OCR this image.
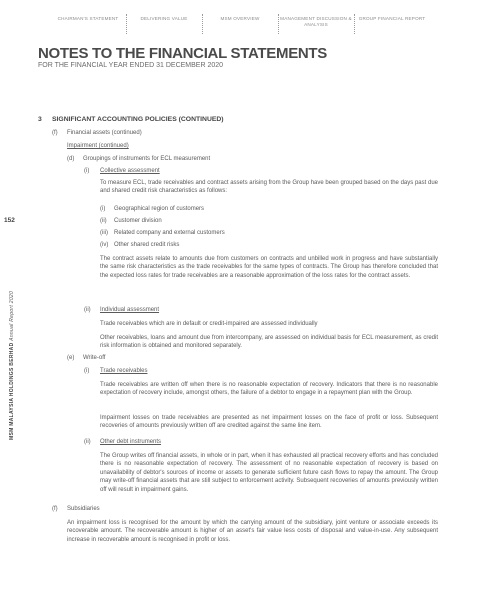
CHAIRMAN'S STATEMENT	DELIVERING VALUE	MSM OVERVIEW	MANAGEMENT DISCUSSION & ANALYSIS
GROUP FINANCIAL REPORT
NOTES TO THE FINANCIAL STATEMENTS
FOR THE FINANCIAL YEAR ENDED 31 DECEMBER 2020
152
MSM MALAYSIA HOLDINGS BERHAD Annual Report 2020
3 SIGNIFICANT ACCOUNTING POLICIES (CONTINUED)
(f) Financial assets (continued)
Impairment (continued)
(d) Groupings of instruments for ECL measurement
(i) Collective assessment
To measure ECL, trade receivables and contract assets arising from the Group have been grouped based on the days past due and shared credit risk characteristics as follows:
(i) Geographical region of customers
(ii) Customer division
(iii) Related company and external customers
(iv) Other shared credit risks
The contract assets relate to amounts due from customers on contracts and unbilled work in progress and have substantially the same risk characteristics as the trade receivables for the same types of contracts. The Group has therefore concluded that the expected loss rates for trade receivables are a reasonable approximation of the loss rates for the contract assets.
(ii) Individual assessment
Trade receivables which are in default or credit-impaired are assessed individually
Other receivables, loans and amount due from intercompany, are assessed on individual basis for ECL measurement, as credit risk information is obtained and monitored separately.
(e) Write-off
(i) Trade receivables
Trade receivables are written off when there is no reasonable expectation of recovery. Indicators that there is no reasonable expectation of recovery include, amongst others, the failure of a debtor to engage in a repayment plan with the Group.
Impairment losses on trade receivables are presented as net impairment losses on the face of profit or loss. Subsequent recoveries of amounts previously written off are credited against the same line item.
(ii) Other debt instruments
The Group writes off financial assets, in whole or in part, when it has exhausted all practical recovery efforts and has concluded there is no reasonable expectation of recovery. The assessment of no reasonable expectation of recovery is based on unavailability of debtor's sources of income or assets to generate sufficient future cash flows to repay the amount. The Group may write-off financial assets that are still subject to enforcement activity. Subsequent recoveries of amounts previously written off will result in impairment gains.
(f) Subsidiaries
An impairment loss is recognised for the amount by which the carrying amount of the subsidiary, joint venture or associate exceeds its recoverable amount. The recoverable amount is higher of an asset's fair value less costs of disposal and value-in-use. Any subsequent increase in recoverable amount is recognised in profit or loss.
